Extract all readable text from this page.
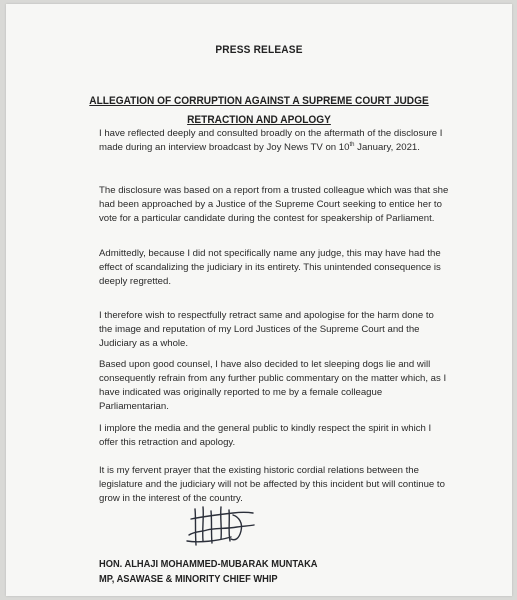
PRESS RELEASE
ALLEGATION OF CORRUPTION AGAINST A SUPREME COURT JUDGE
RETRACTION AND APOLOGY
I have reflected deeply and consulted broadly on the aftermath of the disclosure I made during an interview broadcast by Joy News TV on 10th January, 2021.
The disclosure was based on a report from a trusted colleague which was that she had been approached by a Justice of the Supreme Court seeking to entice her to vote for a particular candidate during the contest for speakership of Parliament.
Admittedly, because I did not specifically name any judge, this may have had the effect of scandalizing the judiciary in its entirety. This unintended consequence is deeply regretted.
I therefore wish to respectfully retract same and apologise for the harm done to the image and reputation of my Lord Justices of the Supreme Court and the Judiciary as a whole.
Based upon good counsel, I have also decided to let sleeping dogs lie and will consequently refrain from any further public commentary on the matter which, as I have indicated was originally reported to me by a female colleague Parliamentarian.
I implore the media and the general public to kindly respect the spirit in which I offer this retraction and apology.
It is my fervent prayer that the existing historic cordial relations between the legislature and the judiciary will not be affected by this incident but will continue to grow in the interest of the country.
HON. ALHAJI MOHAMMED-MUBARAK MUNTAKA
MP, ASAWASE & MINORITY CHIEF WHIP
